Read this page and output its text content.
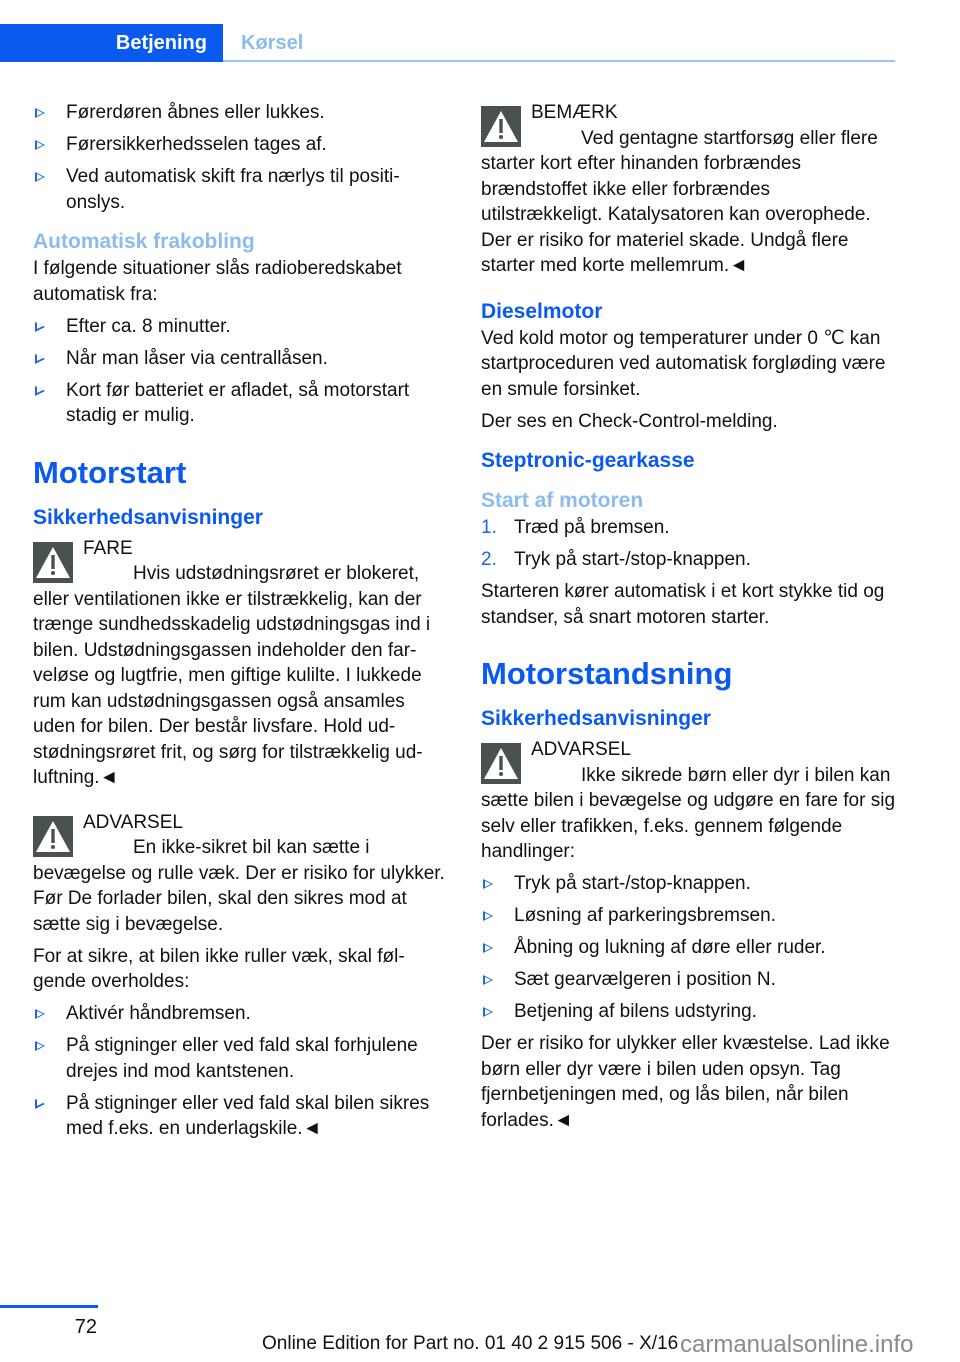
Betjening	Kørsel
Førerdøren åbnes eller lukkes.
Førersikkerhedsselen tages af.
Ved automatisk skift fra nærlys til positionslys.
Automatisk frakobling

I følgende situationer slås radioberedskabet automatisk fra:

Efter ca. 8 minutter.
Når man låser via centrallåsen.
Kort før batteriet er afladet, så motorstart stadig er mulig.
Motorstart
Sikkerhedsanvisninger
FARE
Hvis udstødningsrøret er blokeret, eller ventilationen ikke er tilstrækkelig, kan der trænge sundhedsskadelig udstødningsgas ind i bilen. Udstødningsgassen indeholder den farveløse og lugtfrie, men giftige kulilte. I lukkede rum kan udstødningsgassen også ansamles uden for bilen. Der består livsfare. Hold udstødningsrøret frit, og sørg for tilstrækkelig udluftning.◄
ADVARSEL
En ikke-sikret bil kan sætte i bevægelse og rulle væk. Der er risiko for ulykker. Før De forlader bilen, skal den sikres mod at sætte sig i bevægelse.

For at sikre, at bilen ikke ruller væk, skal følgende overholdes:

Aktivér håndbremsen.
På stigninger eller ved fald skal forhjulene drejes ind mod kantstenen.
På stigninger eller ved fald skal bilen sikres med f.eks. en underlagskile.◄
BEMÆRK
Ved gentagne startforsøg eller flere starter kort efter hinanden forbrændes brændstoffet ikke eller forbrændes utilstrækkeligt. Katalysatoren kan overophede. Der er risiko for materiel skade. Undgå flere starter med korte mellemrum.◄
Dieselmotor

Ved kold motor og temperaturer under 0 ℃ kan startproceduren ved automatisk forgløding være en smule forsinket.

Der ses en Check-Control-melding.

Steptronic-gearkasse
Start af motoren
1. Træd på bremsen.
2. Tryk på start-/stop-knappen.

Starteren kører automatisk i et kort stykke tid og standser, så snart motoren starter.

Motorstandsning
Sikkerhedsanvisninger
ADVARSEL
Ikke sikrede børn eller dyr i bilen kan sætte bilen i bevægelse og udgøre en fare for sig selv eller trafikken, f.eks. gennem følgende handlinger:
Tryk på start-/stop-knappen.
Løsning af parkeringsbremsen.
Åbning og lukning af døre eller ruder.
Sæt gearvælgeren i position N.
Betjening af bilens udstyring.

Der er risiko for ulykker eller kvæstelse. Lad ikke børn eller dyr være i bilen uden opsyn. Tag fjernbetjeningen med, og lås bilen, når bilen forlades.◄

72
Online Edition for Part no. 01 40 2 915 506 - X/16 carmanualsonline.info
